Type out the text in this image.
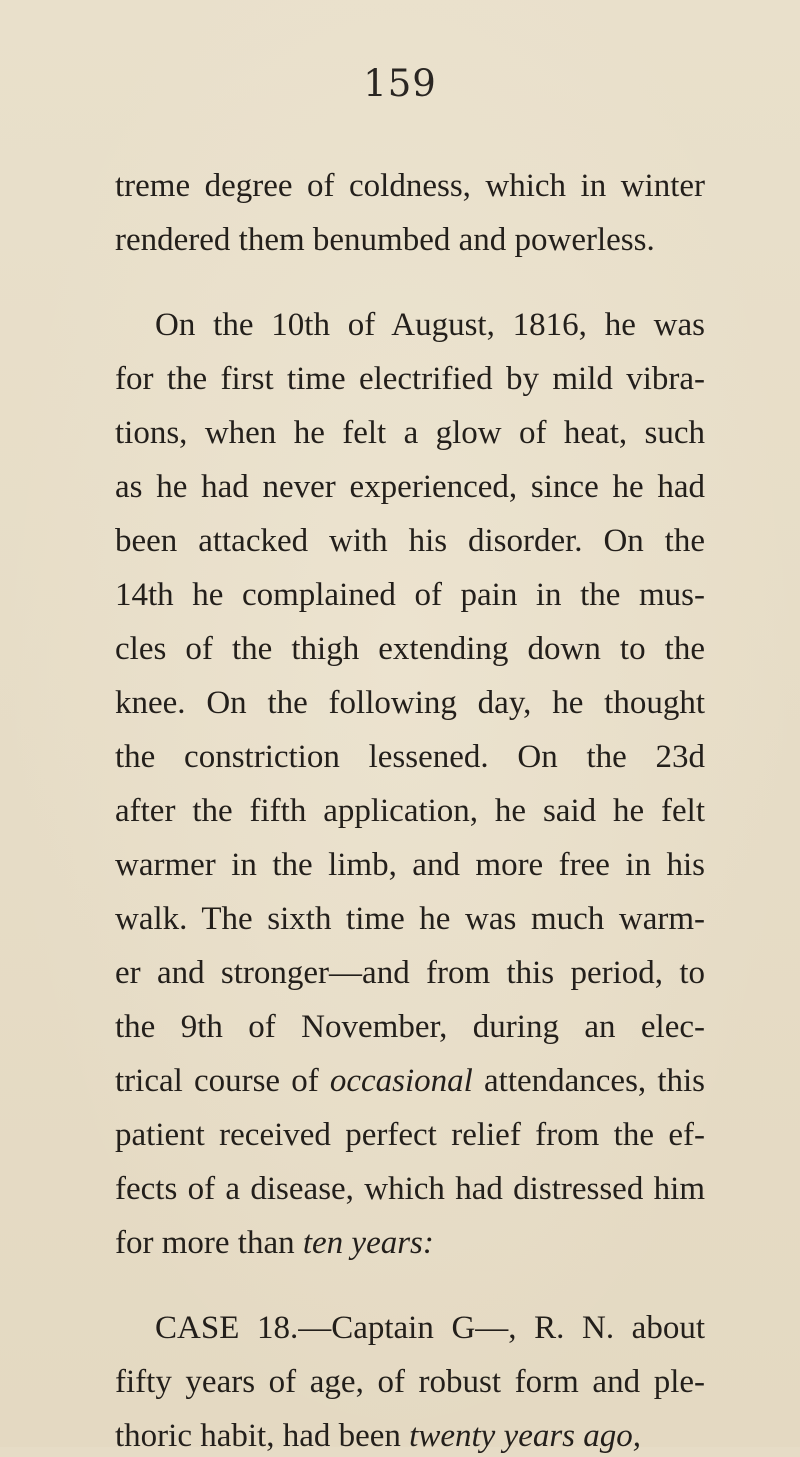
159
treme degree of coldness, which in winter
rendered them benumbed and powerless.
On the 10th of August, 1816, he was
for the first time electrified by mild vibra-
tions, when he felt a glow of heat, such
as he had never experienced, since he had
been attacked with his disorder. On the
14th he complained of pain in the mus-
cles of the thigh extending down to the
knee. On the following day, he thought
the constriction lessened. On the 23d
after the fifth application, he said he felt
warmer in the limb, and more free in his
walk. The sixth time he was much warm-
er and stronger—and from this period, to
the 9th of November, during an elec-
trical course of occasional attendances, this
patient received perfect relief from the ef-
fects of a disease, which had distressed him
for more than ten years:
CASE 18.—Captain G—, R. N. about
fifty years of age, of robust form and ple-
thoric habit, had been twenty years ago,
